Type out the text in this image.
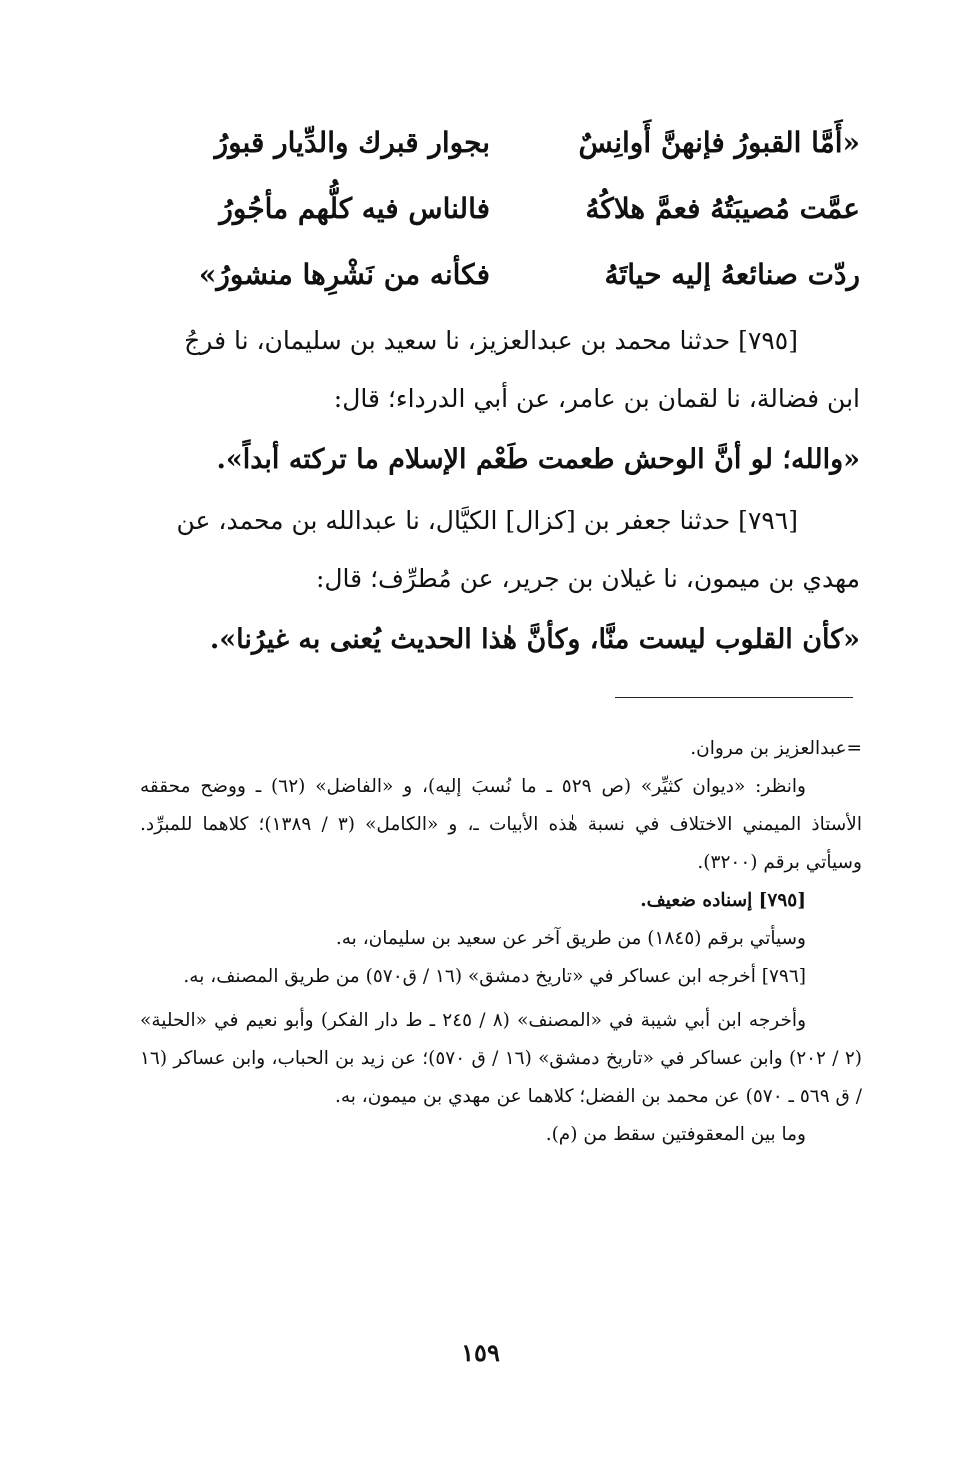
«أَمَّا القبورُ فإنهنَّ أَوانِسٌ
بجوار قبرك والدِّيار قبورُ
عمَّت مُصيبَتُهُ فعمَّ هلاكُهُ
فالناس فيه كلُّهم مأجُورُ
ردّت صنائعهُ إليه حياتَهُ
فكأنه من نَشْرِها منشورُ»

[٧٩٥] حدثنا محمد بن عبدالعزيز، نا سعيد بن سليمان، نا فرجُ

ابن فضالة، نا لقمان بن عامر، عن أبي الدرداء؛ قال:

«والله؛ لو أنَّ الوحش طعمت طَعْم الإسلام ما تركته أبداً».

[٧٩٦] حدثنا جعفر بن [كزال] الكيَّال، نا عبدالله بن محمد، عن

مهدي بن ميمون، نا غيلان بن جرير، عن مُطرِّف؛ قال:

«كأن القلوب ليست منَّا، وكأنَّ هٰذا الحديث يُعنى به غيرُنا».

=عبدالعزيز بن مروان.

وانظر: «ديوان كثيِّر» (ص ٥٢٩ ـ ما نُسبَ إليه)، و «الفاضل» (٦٢) ـ ووضح محققه الأستاذ الميمني الاختلاف في نسبة هٰذه الأبيات ـ، و «الكامل» (٣ / ١٣٨٩)؛ كلاهما للمبرِّد. وسيأتي برقم (٣٢٠٠).

[٧٩٥] إسناده ضعيف.

وسيأتي برقم (١٨٤٥) من طريق آخر عن سعيد بن سليمان، به.

[٧٩٦] أخرجه ابن عساكر في «تاريخ دمشق» (١٦ / ق٥٧٠) من طريق المصنف، به.

وأخرجه ابن أبي شيبة في «المصنف» (٨ / ٢٤٥ ـ ط دار الفكر) وأبو نعيم في «الحلية» (٢ / ٢٠٢) وابن عساكر في «تاريخ دمشق» (١٦ / ق ٥٧٠)؛ عن زيد بن الحباب، وابن عساكر (١٦ / ق ٥٦٩ ـ ٥٧٠) عن محمد بن الفضل؛ كلاهما عن مهدي بن ميمون، به.

وما بين المعقوفتين سقط من (م).

١٥٩
